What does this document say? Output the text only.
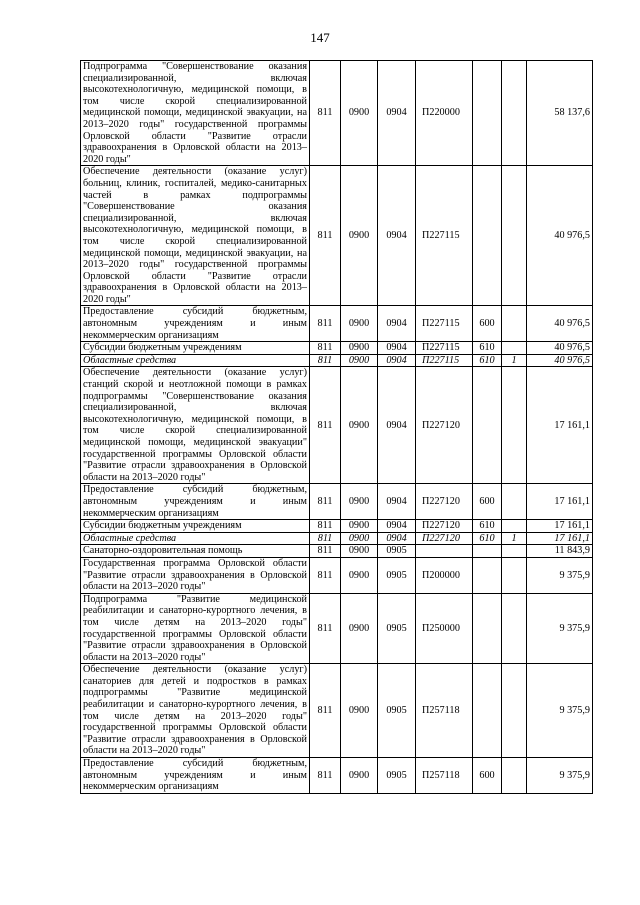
147
Подпрограмма "Совершенствование оказания специализированной, включая высокотехнологичную, медицинской помощи, в том числе скорой специализированной медицинской помощи, медицинской эвакуации, на 2013–2020 годы" государственной программы Орловской области "Развитие отрасли здравоохранения в Орловской области на 2013–2020 годы"	811	0900	0904	П220000			58 137,6
Обеспечение деятельности (оказание услуг) больниц, клиник, госпиталей, медико-санитарных частей в рамках подпрограммы "Совершенствование оказания специализированной, включая высокотехнологичную, медицинской помощи, в том числе скорой специализированной медицинской помощи, медицинской эвакуации, на 2013–2020 годы" государственной программы Орловской области "Развитие отрасли здравоохранения в Орловской области на 2013–2020 годы"	811	0900	0904	П227115			40 976,5
Предоставление субсидий бюджетным, автономным учреждениям и иным некоммерческим организациям	811	0900	0904	П227115	600		40 976,5
Субсидии бюджетным учреждениям	811	0900	0904	П227115	610		40 976,5
Областные средства	811	0900	0904	П227115	610	1	40 976,5
Обеспечение деятельности (оказание услуг) станций скорой и неотложной помощи в рамках подпрограммы "Совершенствование оказания специализированной, включая высокотехнологичную, медицинской помощи, в том числе скорой специализированной медицинской помощи, медицинской эвакуации" государственной программы Орловской области "Развитие отрасли здравоохранения в Орловской области на 2013–2020 годы"	811	0900	0904	П227120			17 161,1
Предоставление субсидий бюджетным, автономным учреждениям и иным некоммерческим организациям	811	0900	0904	П227120	600		17 161,1
Субсидии бюджетным учреждениям	811	0900	0904	П227120	610		17 161,1
Областные средства	811	0900	0904	П227120	610	1	17 161,1
Санаторно-оздоровительная помощь	811	0900	0905				11 843,9
Государственная программа Орловской области "Развитие отрасли здравоохранения в Орловской области на 2013–2020 годы"	811	0900	0905	П200000			9 375,9
Подпрограмма "Развитие медицинской реабилитации и санаторно-курортного лечения, в том числе детям на 2013–2020 годы" государственной программы Орловской области "Развитие отрасли здравоохранения в Орловской области на 2013–2020 годы"	811	0900	0905	П250000			9 375,9
Обеспечение деятельности (оказание услуг) санаториев для детей и подростков в рамках подпрограммы "Развитие медицинской реабилитации и санаторно-курортного лечения, в том числе детям на 2013–2020 годы" государственной программы Орловской области "Развитие отрасли здравоохранения в Орловской области на 2013–2020 годы"	811	0900	0905	П257118			9 375,9
Предоставление субсидий бюджетным, автономным учреждениям и иным некоммерческим организациям	811	0900	0905	П257118	600		9 375,9
